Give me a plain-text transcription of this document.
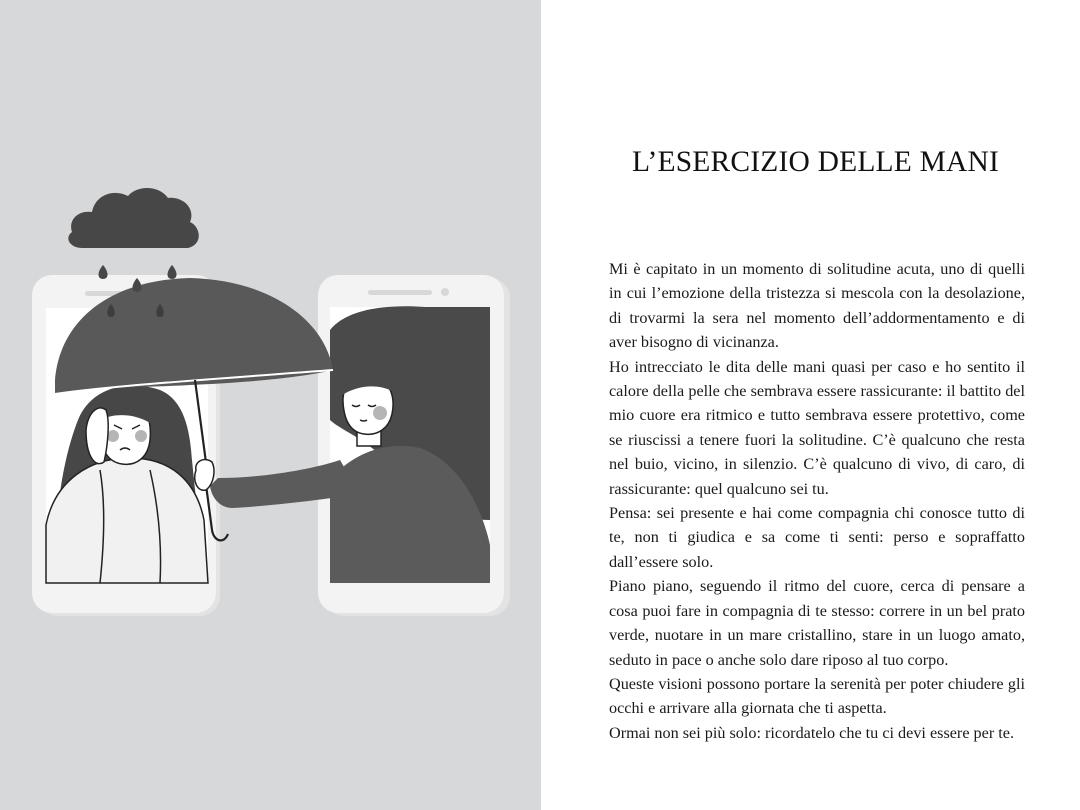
L’ESERCIZIO DELLE MANI

Mi è capitato in un momento di solitudine acuta, uno di quelli in cui l’emozione della tristezza si mescola con la desolazione, di trovarmi la sera nel momento dell’addormentamento e di aver bisogno di vicinanza.

Ho intrecciato le dita delle mani quasi per caso e ho sentito il calore della pelle che sembrava essere rassicurante: il battito del mio cuore era ritmico e tutto sembrava essere protettivo, come se riuscissi a tenere fuori la solitudine. C’è qualcuno che resta nel buio, vicino, in silenzio. C’è qualcuno di vivo, di caro, di rassicurante: quel qualcuno sei tu.

Pensa: sei presente e hai come compagnia chi conosce tutto di te, non ti giudica e sa come ti senti: perso e sopraffatto dall’essere solo.

Piano piano, seguendo il ritmo del cuore, cerca di pensare a cosa puoi fare in compagnia di te stesso: correre in un bel prato verde, nuotare in un mare cristallino, stare in un luogo amato, seduto in pace o anche solo dare riposo al tuo corpo.

Queste visioni possono portare la serenità per poter chiudere gli occhi e arrivare alla giornata che ti aspetta.

Ormai non sei più solo: ricordatelo che tu ci devi essere per te.
